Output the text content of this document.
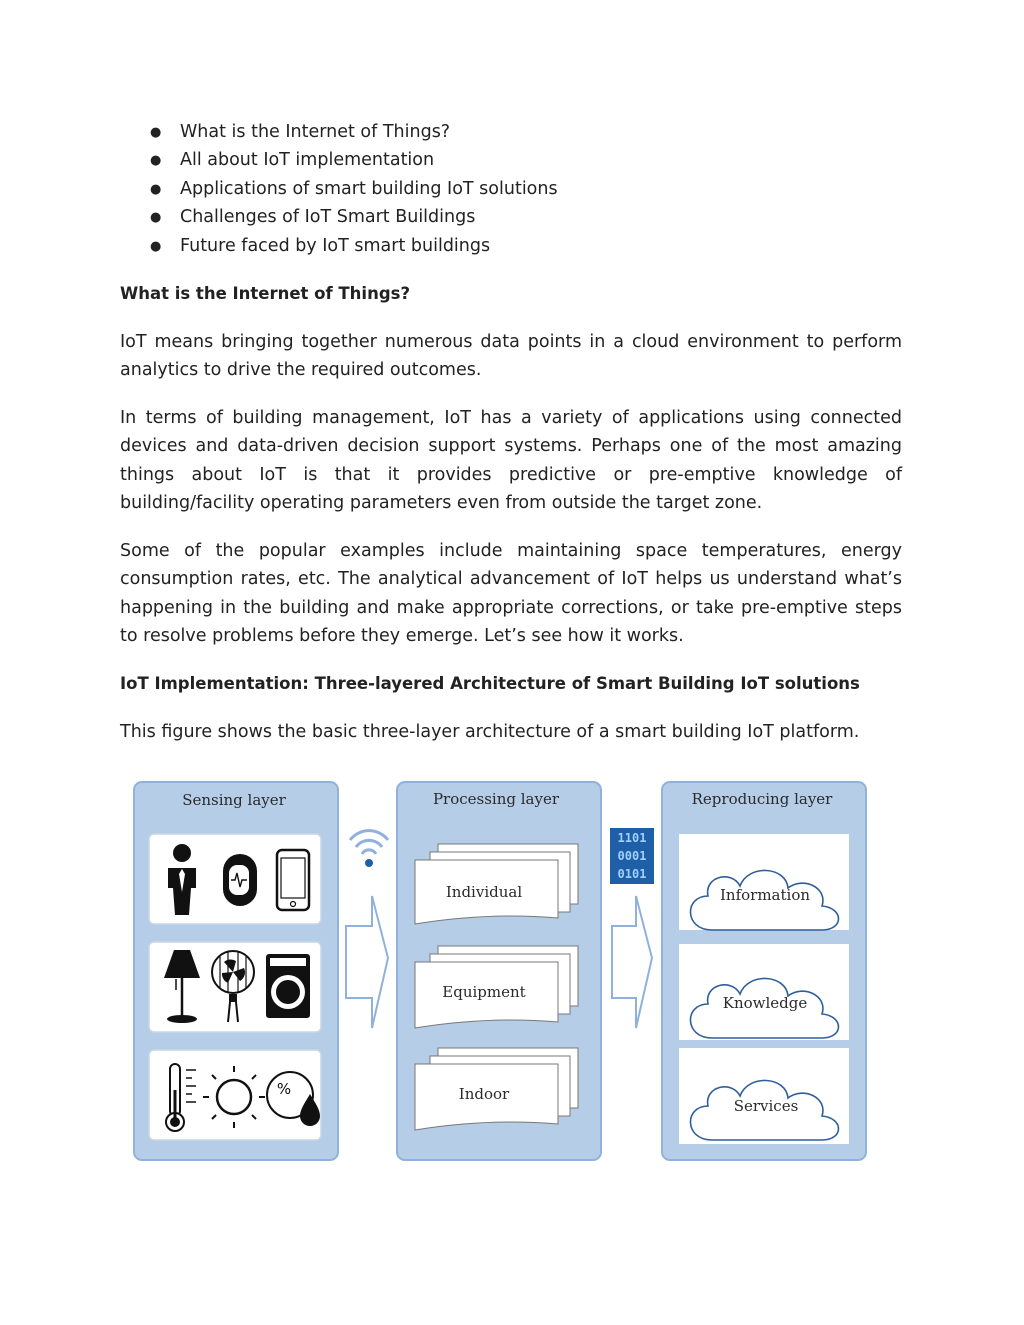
● What is the Internet of Things?
● All about IoT implementation
● Applications of smart building IoT solutions
● Challenges of IoT Smart Buildings
● Future faced by IoT smart buildings
What is the Internet of Things?

IoT means bringing together numerous data points in a cloud environment to perform analytics to drive the required outcomes.

In terms of building management, IoT has a variety of applications using connected devices and data-driven decision support systems. Perhaps one of the most amazing things about IoT is that it provides predictive or pre-emptive knowledge of building/facility operating parameters even from outside the target zone.

Some of the popular examples include maintaining space temperatures, energy consumption rates, etc. The analytical advancement of IoT helps us understand what’s happening in the building and make appropriate corrections, or take pre-emptive steps to resolve problems before they emerge. Let’s see how it works.

IoT Implementation: Three-layered Architecture of Smart Building IoT solutions

This figure shows the basic three-layer architecture of a smart building IoT platform.

Sensing layer	Processing layer	Reproducing layer
%
1101
0001
0101
Individual
Equipment
Indoor
Information
Knowledge
Services
